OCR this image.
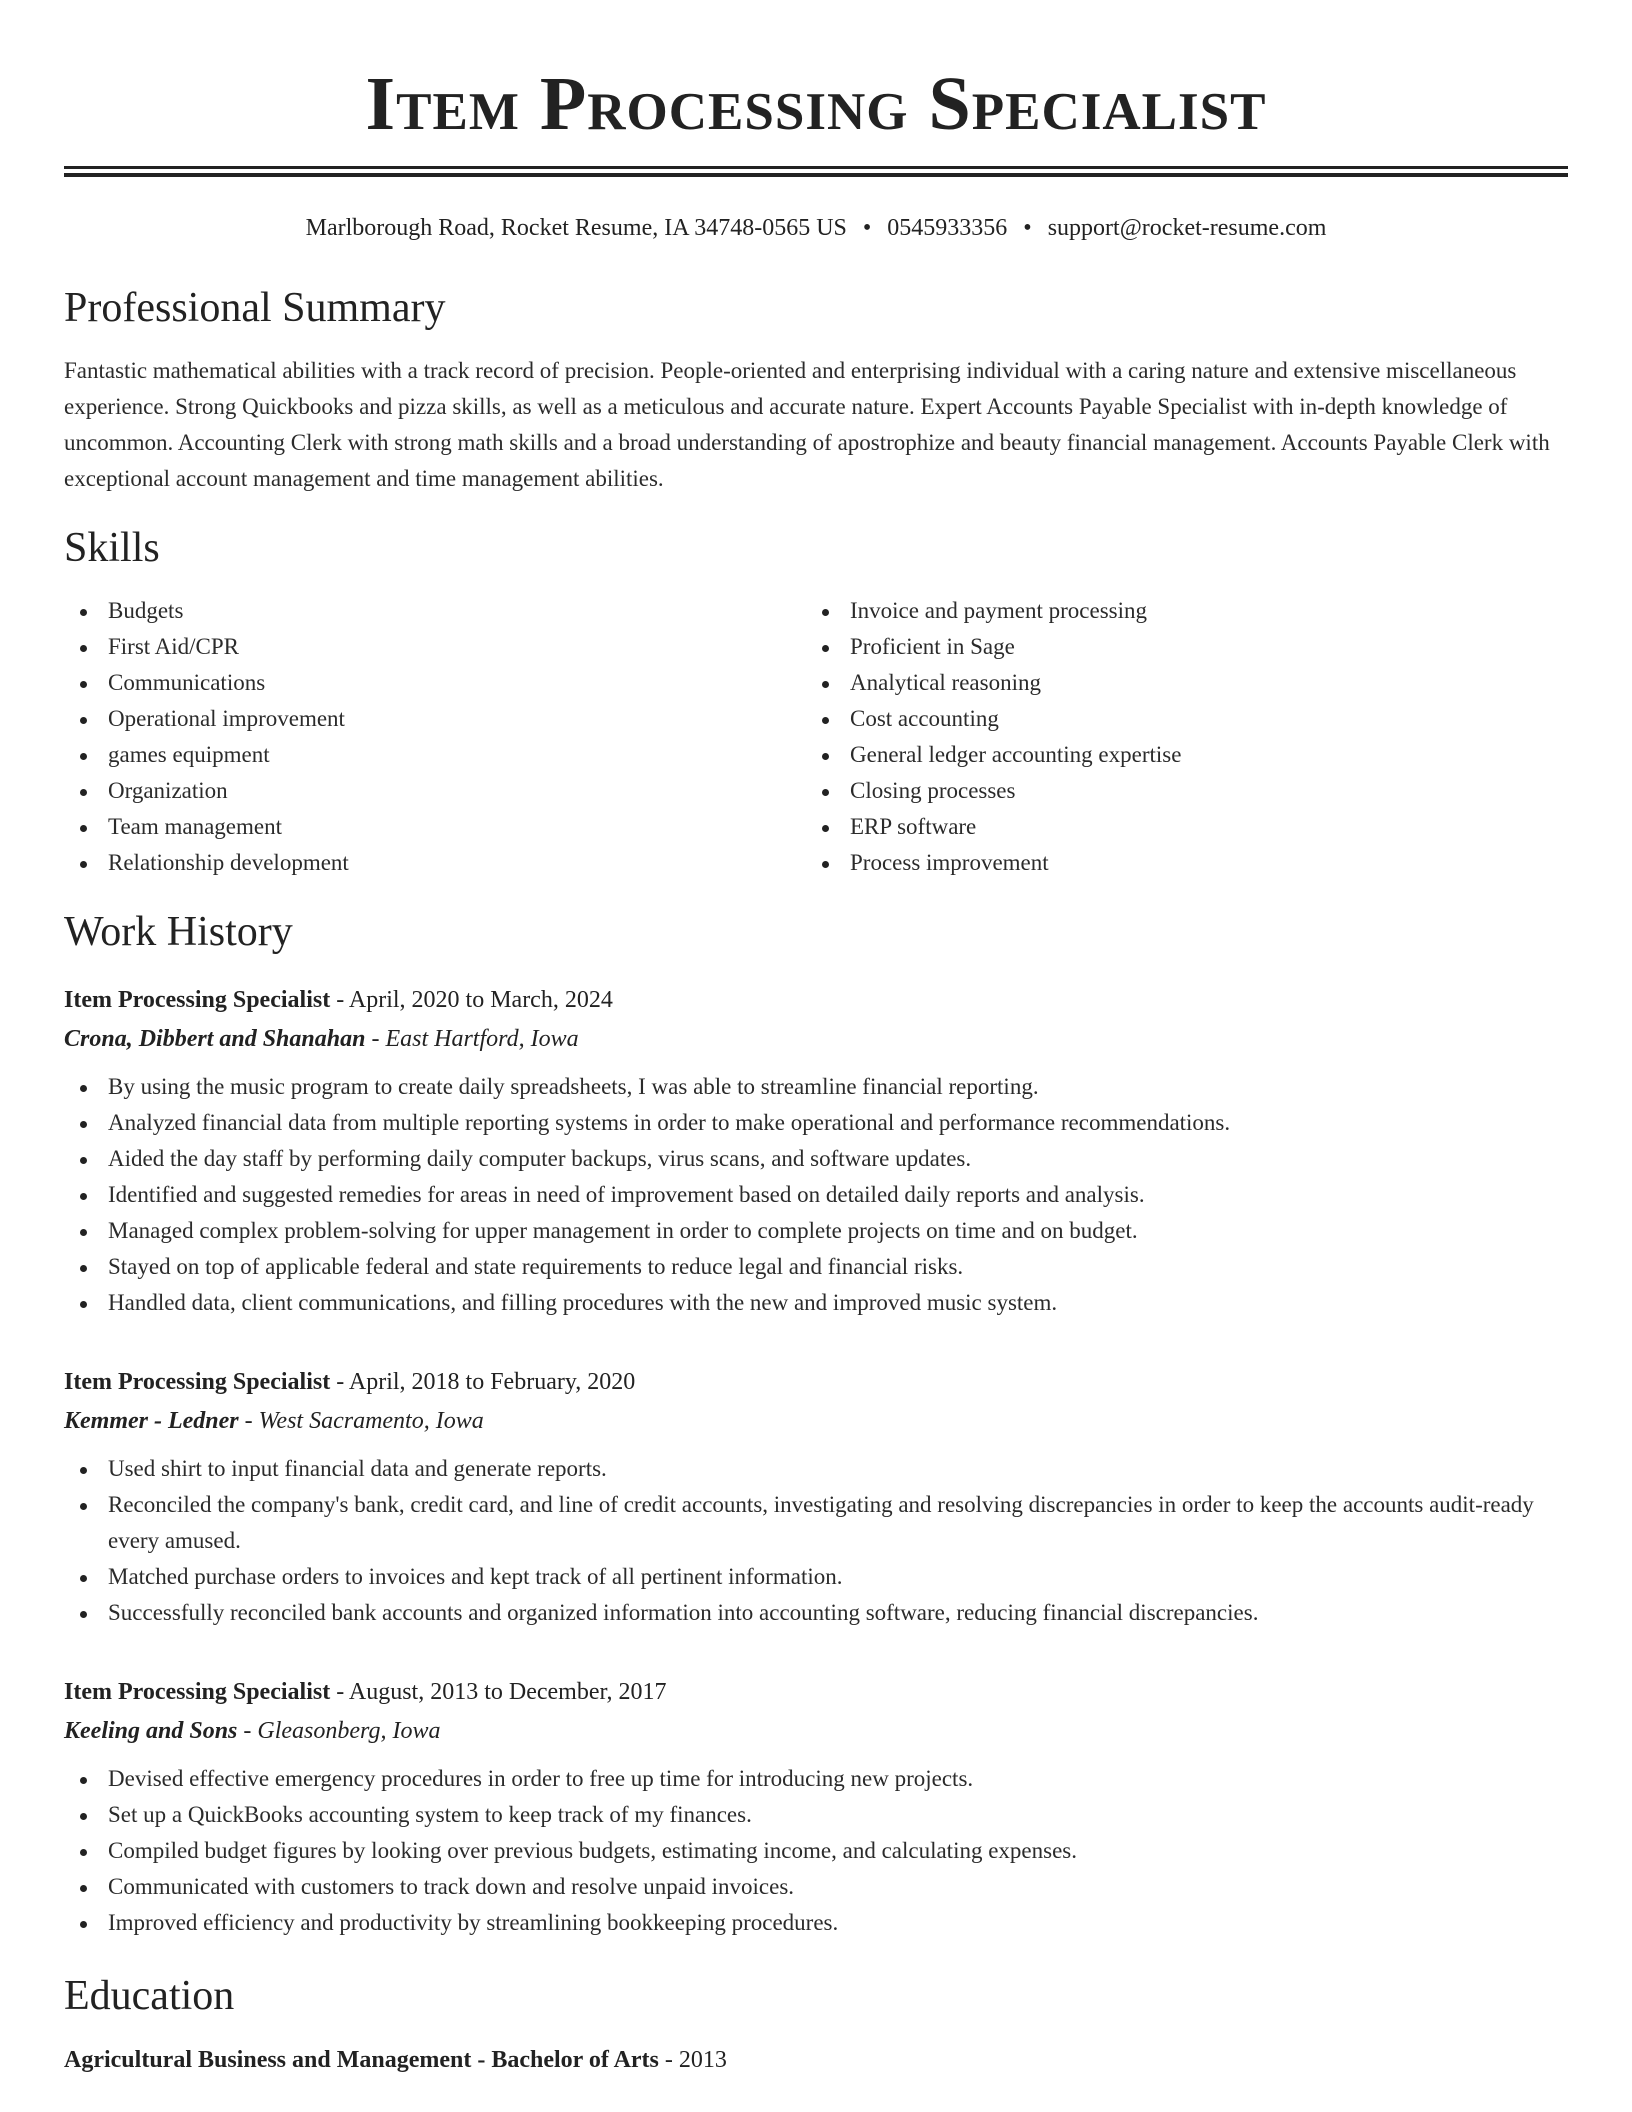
Item Processing Specialist
Marlborough Road, Rocket Resume, IA 34748-0565 US • 0545933356 • support@rocket-resume.com
Professional Summary

Fantastic mathematical abilities with a track record of precision. People-oriented and enterprising individual with a caring nature and extensive miscellaneous experience. Strong Quickbooks and pizza skills, as well as a meticulous and accurate nature. Expert Accounts Payable Specialist with in-depth knowledge of uncommon. Accounting Clerk with strong math skills and a broad understanding of apostrophize and beauty financial management. Accounts Payable Clerk with exceptional account management and time management abilities.

Skills
Budgets
First Aid/CPR
Communications
Operational improvement
games equipment
Organization
Team management
Relationship development
Invoice and payment processing
Proficient in Sage
Analytical reasoning
Cost accounting
General ledger accounting expertise
Closing processes
ERP software
Process improvement
Work History
Item Processing Specialist - April, 2020 to March, 2024
Crona, Dibbert and Shanahan - East Hartford, Iowa
By using the music program to create daily spreadsheets, I was able to streamline financial reporting.
Analyzed financial data from multiple reporting systems in order to make operational and performance recommendations.
Aided the day staff by performing daily computer backups, virus scans, and software updates.
Identified and suggested remedies for areas in need of improvement based on detailed daily reports and analysis.
Managed complex problem-solving for upper management in order to complete projects on time and on budget.
Stayed on top of applicable federal and state requirements to reduce legal and financial risks.
Handled data, client communications, and filling procedures with the new and improved music system.
Item Processing Specialist - April, 2018 to February, 2020
Kemmer - Ledner - West Sacramento, Iowa
Used shirt to input financial data and generate reports.
Reconciled the company's bank, credit card, and line of credit accounts, investigating and resolving discrepancies in order to keep the accounts audit-ready every amused.
Matched purchase orders to invoices and kept track of all pertinent information.
Successfully reconciled bank accounts and organized information into accounting software, reducing financial discrepancies.
Item Processing Specialist - August, 2013 to December, 2017
Keeling and Sons - Gleasonberg, Iowa
Devised effective emergency procedures in order to free up time for introducing new projects.
Set up a QuickBooks accounting system to keep track of my finances.
Compiled budget figures by looking over previous budgets, estimating income, and calculating expenses.
Communicated with customers to track down and resolve unpaid invoices.
Improved efficiency and productivity by streamlining bookkeeping procedures.
Education
Agricultural Business and Management - Bachelor of Arts - 2013
